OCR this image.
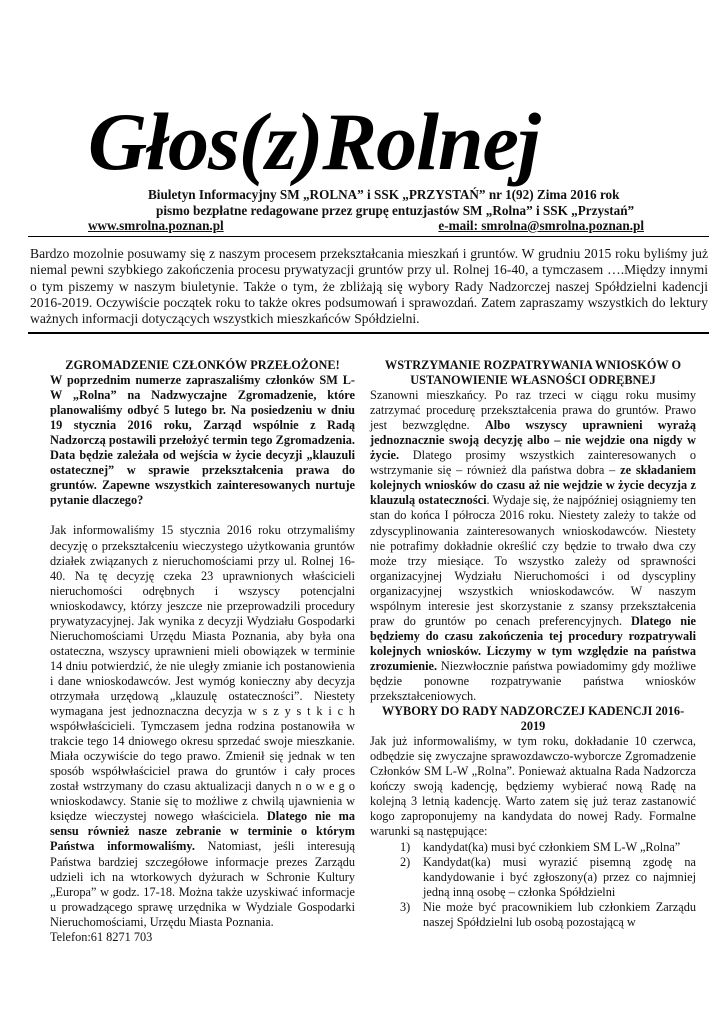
Głos(z)Rolnej
Biuletyn Informacyjny SM „ROLNA” i SSK „PRZYSTAŃ” nr 1(92) Zima 2016 rok
pismo bezpłatne redagowane przez grupę entuzjastów SM „Rolna” i SSK „Przystań”
www.smrolna.poznan.pl	e-mail: smrolna@smrolna.poznan.pl

Bardzo mozolnie posuwamy się z naszym procesem przekształcania mieszkań i gruntów. W grudniu 2015 roku byliśmy już niemal pewni szybkiego zakończenia procesu prywatyzacji gruntów przy ul. Rolnej 16-40, a tymczasem ….Między innymi o tym piszemy w naszym biuletynie. Także o tym, że zbliżają się wybory Rady Nadzorczej naszej Spółdzielni kadencji 2016-2019. Oczywiście początek roku to także okres podsumowań i sprawozdań. Zatem zapraszamy wszystkich do lektury ważnych informacji dotyczących wszystkich mieszkańców Spółdzielni.

ZGROMADZENIE CZŁONKÓW PRZEŁOŻONE!

W poprzednim numerze zapraszaliśmy członków SM L-W „Rolna” na Nadzwyczajne Zgromadzenie, które planowaliśmy odbyć 5 lutego br. Na posiedzeniu w dniu 19 stycznia 2016 roku, Zarząd wspólnie z Radą Nadzorczą postawili przełożyć termin tego Zgromadzenia. Data będzie zależała od wejścia w życie decyzji „klauzuli ostatecznej” w sprawie przekształcenia prawa do gruntów. Zapewne wszystkich zainteresowanych nurtuje pytanie dlaczego?

Jak informowaliśmy 15 stycznia 2016 roku otrzymaliśmy decyzję o przekształceniu wieczystego użytkowania gruntów działek związanych z nieruchomościami przy ul. Rolnej 16-40. Na tę decyzję czeka 23 uprawnionych właścicieli nieruchomości odrębnych i wszyscy potencjalni wnioskodawcy, którzy jeszcze nie przeprowadzili procedury prywatyzacyjnej. Jak wynika z decyzji Wydziału Gospodarki Nieruchomościami Urzędu Miasta Poznania, aby była ona ostateczna, wszyscy uprawnieni mieli obowiązek w terminie 14 dniu potwierdzić, że nie uległy zmianie ich postanowienia i dane wnioskodawców. Jest wymóg konieczny aby decyzja otrzymała urzędową „klauzulę ostateczności”. Niestety wymagana jest jednoznaczna decyzja w s z y s t k i c h współwłaścicieli. Tymczasem jedna rodzina postanowiła w trakcie tego 14 dniowego okresu sprzedać swoje mieszkanie. Miała oczywiście do tego prawo. Zmienił się jednak w ten sposób współwłaściciel prawa do gruntów i cały proces został wstrzymany do czasu aktualizacji danych n o w e g o wnioskodawcy. Stanie się to możliwe z chwilą ujawnienia w księdze wieczystej nowego właściciela. Dlatego nie ma sensu również nasze zebranie w terminie o którym Państwa informowaliśmy. Natomiast, jeśli interesują Państwa bardziej szczegółowe informacje prezes Zarządu udzieli ich na wtorkowych dyżurach w Schronie Kultury „Europa” w godz. 17-18. Można także uzyskiwać informacje u prowadzącego sprawę urzędnika w Wydziale Gospodarki Nieruchomościami, Urzędu Miasta Poznania.

Telefon:61 8271 703

WSTRZYMANIE ROZPATRYWANIA WNIOSKÓW O USTANOWIENIE WŁASNOŚCI ODRĘBNEJ

Szanowni mieszkańcy. Po raz trzeci w ciągu roku musimy zatrzymać procedurę przekształcenia prawa do gruntów. Prawo jest bezwzględne. Albo wszyscy uprawnieni wyrażą jednoznacznie swoją decyzję albo – nie wejdzie ona nigdy w życie. Dlatego prosimy wszystkich zainteresowanych o wstrzymanie się – również dla państwa dobra – ze składaniem kolejnych wniosków do czasu aż nie wejdzie w życie decyzja z klauzulą ostateczności. Wydaje się, że najpóźniej osiągniemy ten stan do końca I półrocza 2016 roku. Niestety zależy to także od zdyscyplinowania zainteresowanych wnioskodawców. Niestety nie potrafimy dokładnie określić czy będzie to trwało dwa czy może trzy miesiące. To wszystko zależy od sprawności organizacyjnej Wydziału Nieruchomości i od dyscypliny organizacyjnej wszystkich wnioskodawców. W naszym wspólnym interesie jest skorzystanie z szansy przekształcenia praw do gruntów po cenach preferencyjnych. Dlatego nie będziemy do czasu zakończenia tej procedury rozpatrywali kolejnych wniosków. Liczymy w tym względzie na państwa zrozumienie. Niezwłocznie państwa powiadomimy gdy możliwe będzie ponowne rozpatrywanie państwa wniosków przekształceniowych.

WYBORY DO RADY NADZORCZEJ KADENCJI 2016-2019

Jak już informowaliśmy, w tym roku, dokładanie 10 czerwca, odbędzie się zwyczajne sprawozdawczo-wyborcze Zgromadzenie Członków SM L-W „Rolna”. Ponieważ aktualna Rada Nadzorcza kończy swoją kadencję, będziemy wybierać nową Radę na kolejną 3 letnią kadencję. Warto zatem się już teraz zastanowić kogo zaproponujemy na kandydata do nowej Rady. Formalne warunki są następujące:

1) kandydat(ka) musi być członkiem SM L-W „Rolna”
2) Kandydat(ka) musi wyrazić pisemną zgodę na kandydowanie i być zgłoszony(a) przez co najmniej jedną inną osobę – członka Spółdzielni
3) Nie może być pracownikiem lub członkiem Zarządu naszej Spółdzielni lub osobą pozostającą w
